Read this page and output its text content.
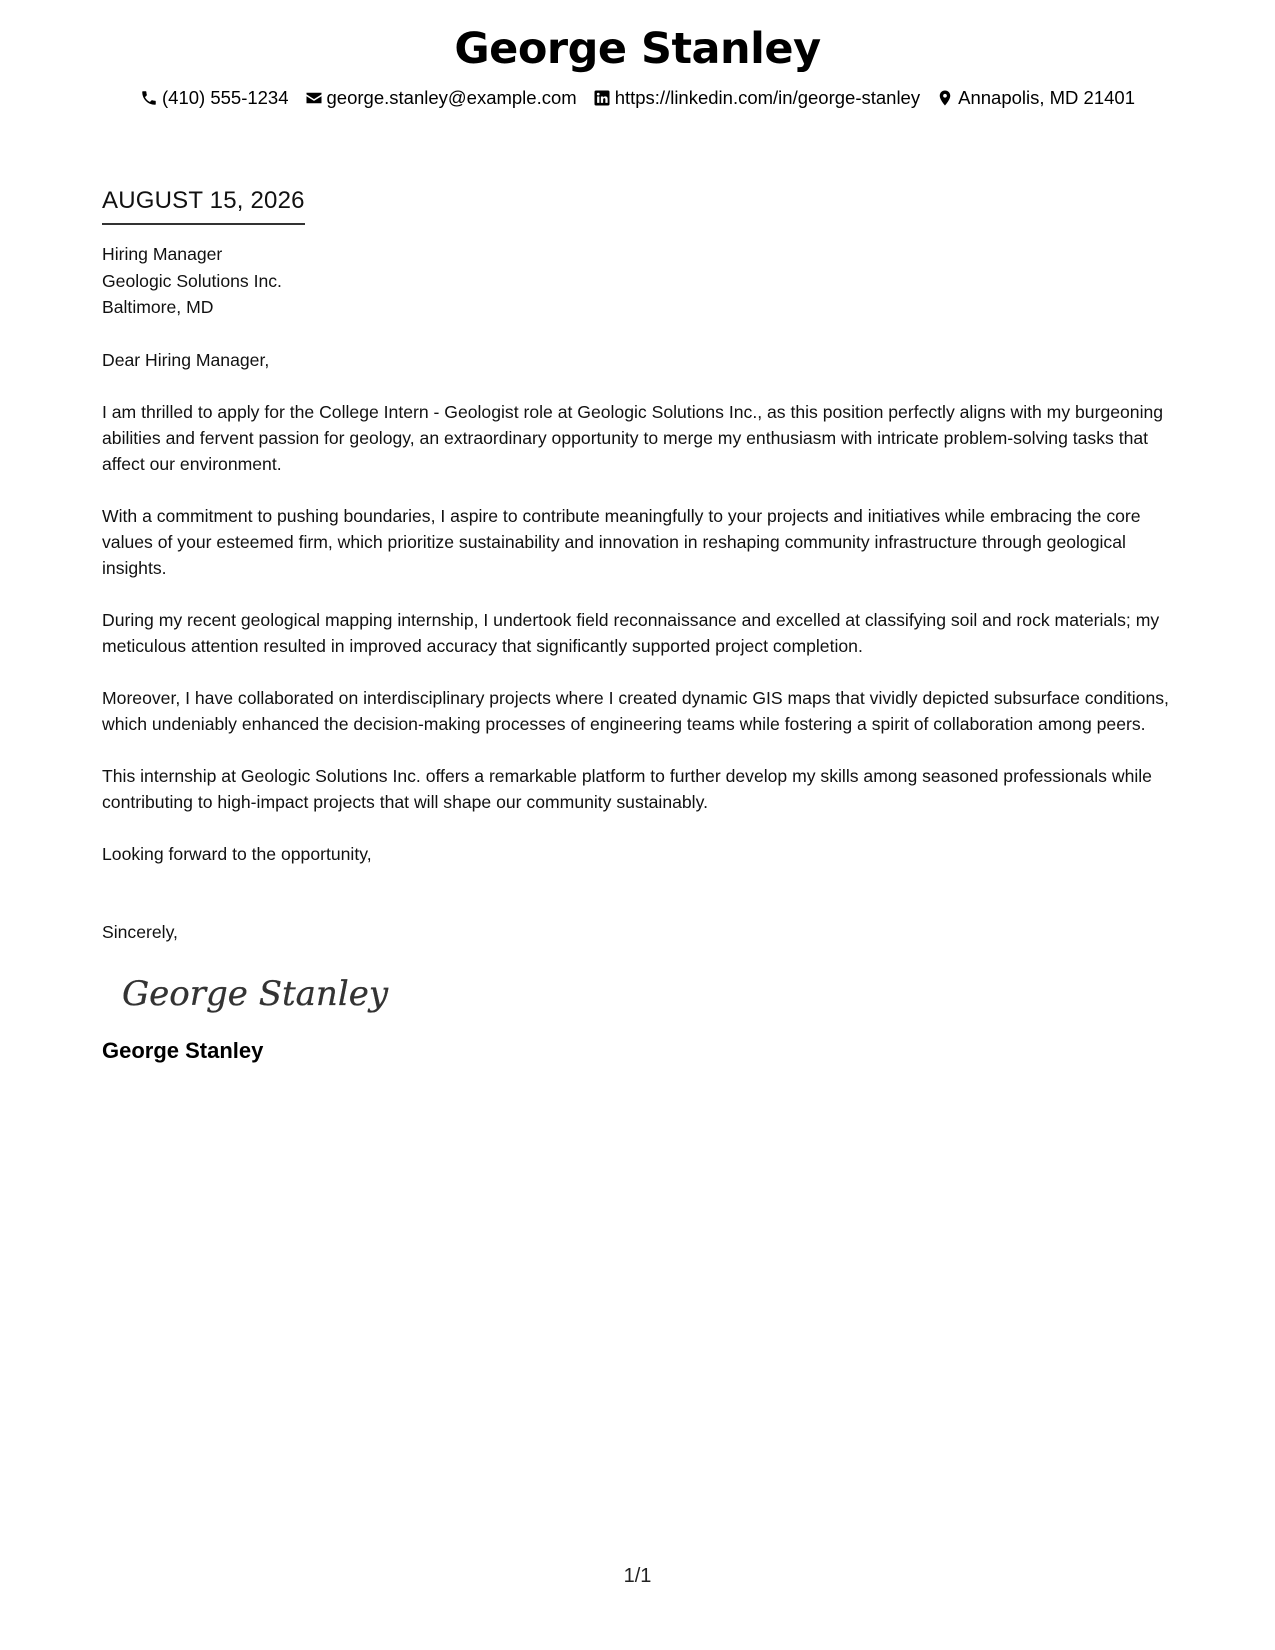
George Stanley
(410) 555-1234 george.stanley@example.com https://linkedin.com/in/george-stanley Annapolis, MD 21401
AUGUST 15, 2026
Hiring Manager
Geologic Solutions Inc.
Baltimore, MD
Dear Hiring Manager,
I am thrilled to apply for the College Intern - Geologist role at Geologic Solutions Inc., as this position perfectly aligns with my burgeoning abilities and fervent passion for geology, an extraordinary opportunity to merge my enthusiasm with intricate problem-solving tasks that affect our environment.
With a commitment to pushing boundaries, I aspire to contribute meaningfully to your projects and initiatives while embracing the core values of your esteemed firm, which prioritize sustainability and innovation in reshaping community infrastructure through geological insights.
During my recent geological mapping internship, I undertook field reconnaissance and excelled at classifying soil and rock materials; my meticulous attention resulted in improved accuracy that significantly supported project completion.
Moreover, I have collaborated on interdisciplinary projects where I created dynamic GIS maps that vividly depicted subsurface conditions, which undeniably enhanced the decision-making processes of engineering teams while fostering a spirit of collaboration among peers.
This internship at Geologic Solutions Inc. offers a remarkable platform to further develop my skills among seasoned professionals while contributing to high-impact projects that will shape our community sustainably.
Looking forward to the opportunity,
Sincerely,
George Stanley
George Stanley
1/1
